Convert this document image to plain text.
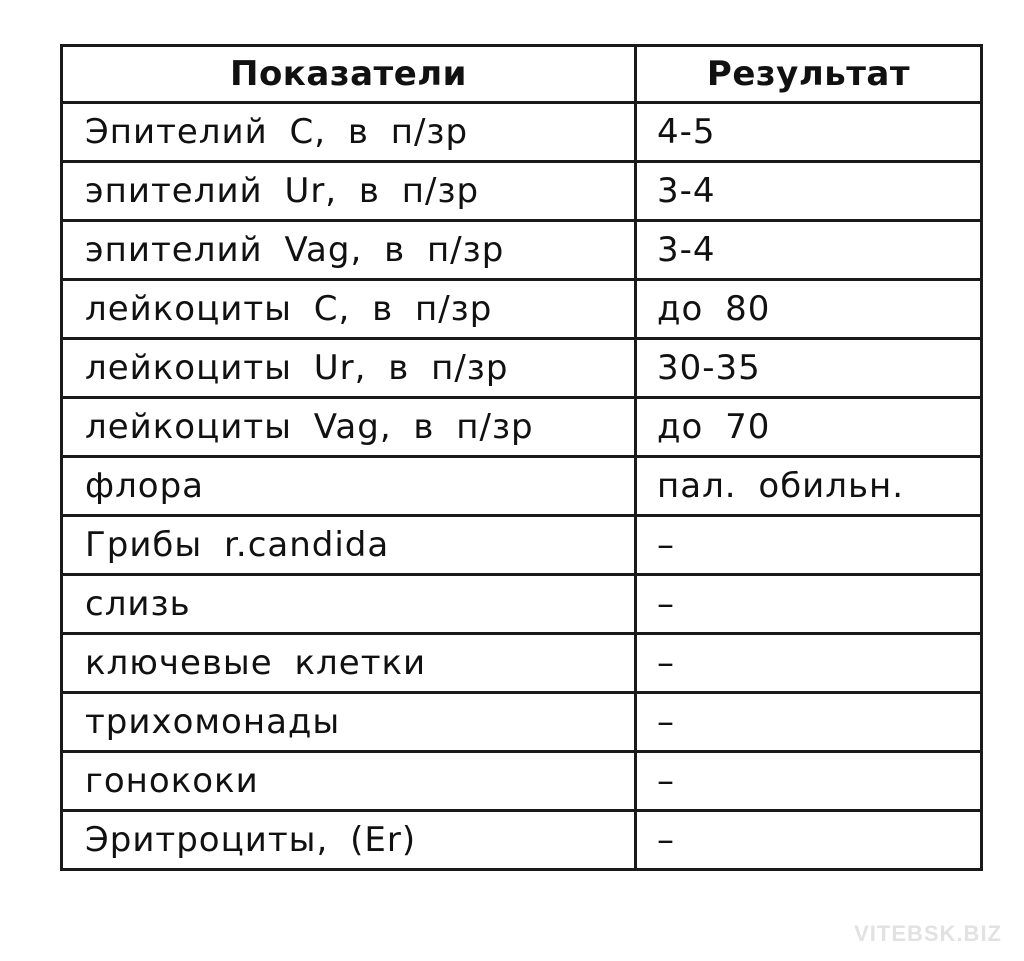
Показатели	Результат
Эпителий С, в п/зр	4-5
эпителий Ur, в п/зр	3-4
эпителий Vag, в п/зр	3-4
лейкоциты С, в п/зр	до 80
лейкоциты Ur, в п/зр	30-35
лейкоциты Vag, в п/зр	до 70
флора	пал. обильн.
Грибы r.candida	–
слизь	–
ключевые клетки	–
трихомонады	–
гонококи	–
Эритроциты, (Er)	–
VITEBSK.BIZ
